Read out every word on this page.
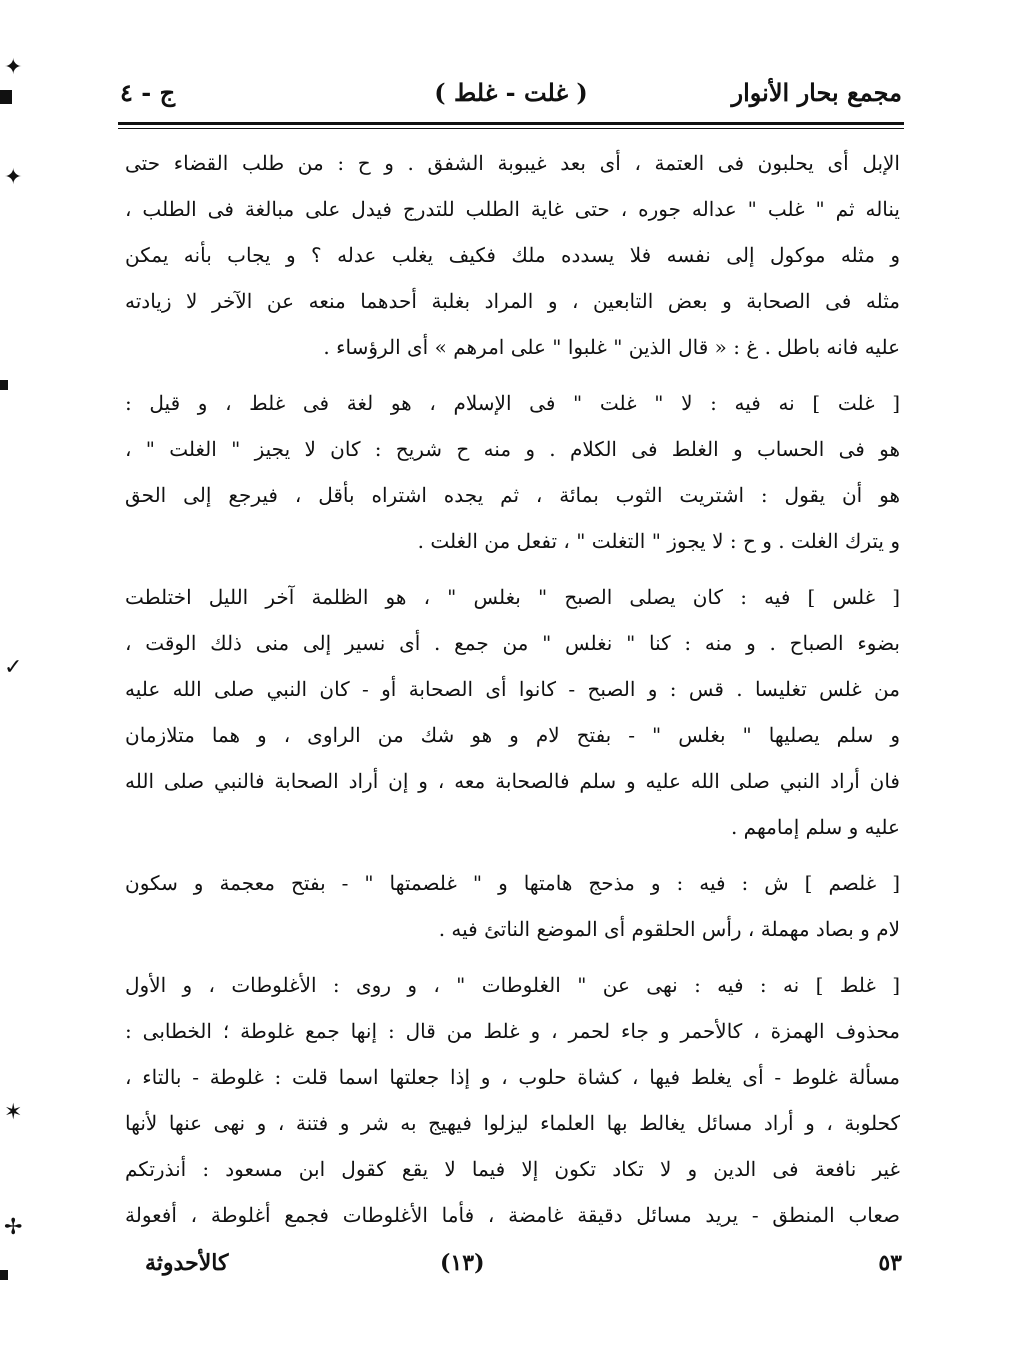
✦
✦
✓
✶
✢
مجمع بحار الأنوار
( غلت - غلط )
ج - ٤
الإبل أى يحلبون فى العتمة ، أى بعد غيبوبة الشفق . و ح : من طلب القضاء حتى
يناله ثم " غلب " عداله جوره ، حتى غاية الطلب للتدرج فيدل على مبالغة فى الطلب ،
و مثله موكول إلى نفسه فلا يسدده ملك فكيف يغلب عدله ؟ و يجاب بأنه يمكن
مثله فى الصحابة و بعض التابعين ، و المراد بغلبة أحدهما منعه عن الآخر لا زيادته
عليه فانه باطل . غ : « قال الذين " غلبوا " على امرهم » أى الرؤساء .
[ غلت ] نه فيه : لا " غلت " فى الإسلام ، هو لغة فى غلط ، و قيل :
هو فى الحساب و الغلط فى الكلام . و منه ح شريح : كان لا يجيز " الغلت " ،
هو أن يقول : اشتريت الثوب بمائة ، ثم يجده اشتراه بأقل ، فيرجع إلى الحق
و يترك الغلت . و ح : لا يجوز " التغلت " ، تفعل من الغلت .
[ غلس ] فيه : كان يصلى الصبح " بغلس " ، هو الظلمة آخر الليل اختلطت
بضوء الصباح . و منه : كنا " نغلس " من جمع . أى نسير إلى منى ذلك الوقت ،
من غلس تغليسا . قس : و الصبح - كانوا أى الصحابة أو - كان النبي صلى الله عليه
و سلم يصليها " بغلس " - بفتح لام و هو شك من الراوى ، و هما متلازمان
فان أراد النبي صلى الله عليه و سلم فالصحابة معه ، و إن أراد الصحابة فالنبي صلى الله
عليه و سلم إمامهم .
[ غلصم ] ش : فيه : و مذحج هامتها و " غلصمتها " - بفتح معجمة و سكون
لام و بصاد مهملة ، رأس الحلقوم أى الموضع الناتئ فيه .
[ غلط ] نه : فيه : نهى عن " الغلوطات " ، و روى : الأغلوطات ، و الأول
محذوف الهمزة ، كالأحمر و جاء لحمر ، و غلط من قال : إنها جمع غلوطة ؛ الخطابى :
مسألة غلوط - أى يغلط فيها ، كشاة حلوب ، و إذا جعلتها اسما قلت : غلوطة - بالتاء ،
كحلوبة ، و أراد مسائل يغالط بها العلماء ليزلوا فيهيج به شر و فتنة ، و نهى عنها لأنها
غير نافعة فى الدين و لا تكاد تكون إلا فيما لا يقع كقول ابن مسعود : أنذرتكم
صعاب المنطق - يريد مسائل دقيقة غامضة ، فأما الأغلوطات فجمع أغلوطة ، أفعولة
٥٣
(١٣)
كالأحدوثة
